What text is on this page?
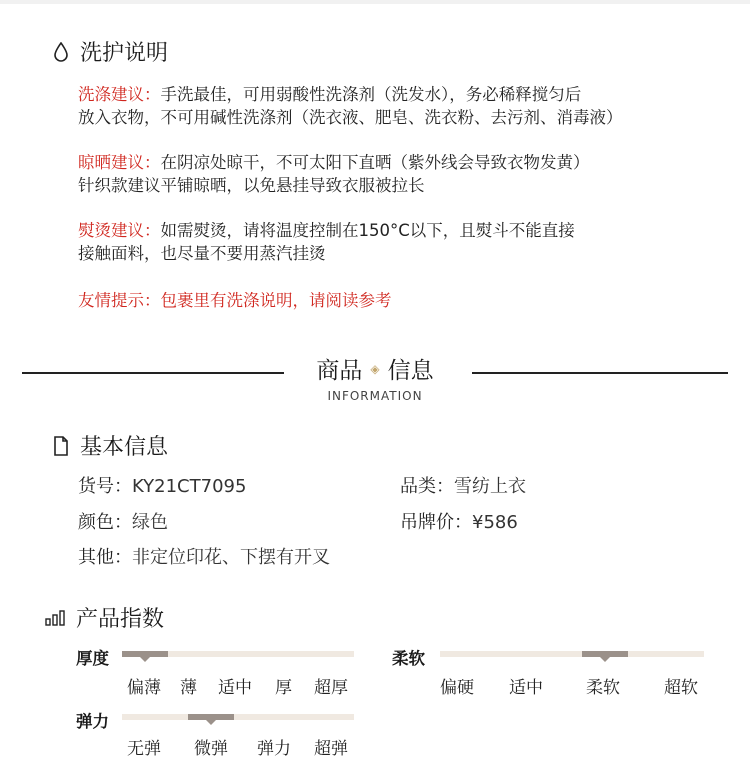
洗护说明
洗涤建议：手洗最佳，可用弱酸性洗涤剂（洗发水），务必稀释搅匀后
放入衣物，不可用碱性洗涤剂（洗衣液、肥皂、洗衣粉、去污剂、消毒液）
晾晒建议：在阴凉处晾干，不可太阳下直晒（紫外线会导致衣物发黄）
针织款建议平铺晾晒，以免悬挂导致衣服被拉长
熨烫建议：如需熨烫，请将温度控制在150°C以下，且熨斗不能直接
接触面料，也尽量不要用蒸汽挂烫
友情提示：包裹里有洗涤说明，请阅读参考
商品 ◈ 信息
INFORMATION
基本信息
货号：KY21CT7095	品类：雪纺上衣
颜色：绿色	吊牌价：¥586
其他：非定位印花、下摆有开叉
产品指数
厚度
偏薄 薄 适中 厚 超厚
柔软
偏硬 适中	柔软	超软
弹力
无弹 微弹 弹力 超弹
